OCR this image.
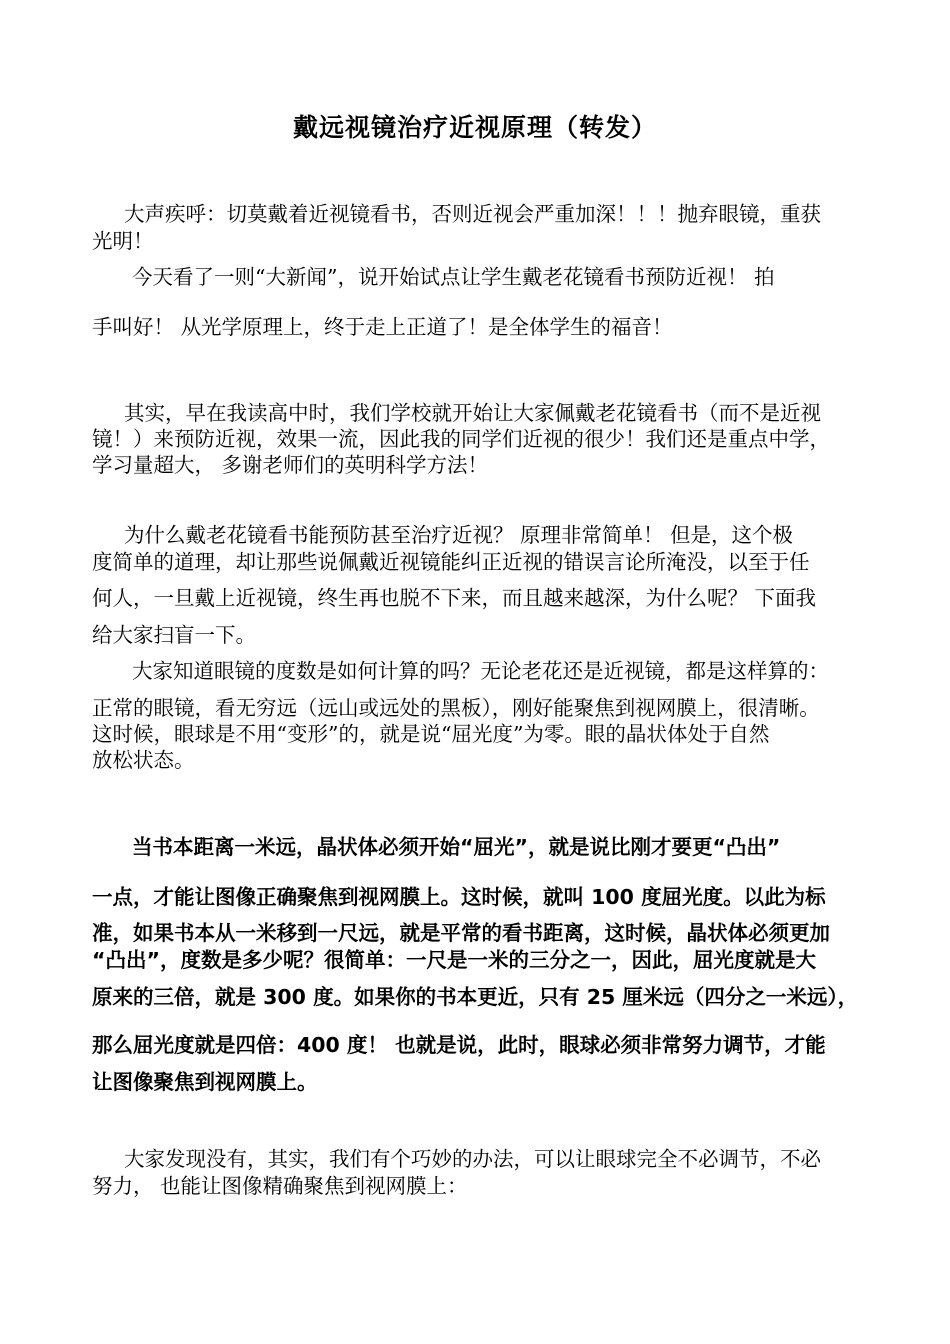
戴远视镜治疗近视原理（转发）
大声疾呼：切莫戴着近视镜看书，否则近视会严重加深！！！抛弃眼镜，重获
光明！
今天看了一则“大新闻”，说开始试点让学生戴老花镜看书预防近视！ 拍
手叫好！ 从光学原理上，终于走上正道了！是全体学生的福音！
其实，早在我读高中时，我们学校就开始让大家佩戴老花镜看书（而不是近视
镜！）来预防近视，效果一流，因此我的同学们近视的很少！我们还是重点中学，
学习量超大， 多谢老师们的英明科学方法！
为什么戴老花镜看书能预防甚至治疗近视？ 原理非常简单！ 但是，这个极
度简单的道理，却让那些说佩戴近视镜能纠正近视的错误言论所淹没，以至于任
何人，一旦戴上近视镜，终生再也脱不下来，而且越来越深，为什么呢？ 下面我
给大家扫盲一下。
大家知道眼镜的度数是如何计算的吗？无论老花还是近视镜，都是这样算的：
正常的眼镜，看无穷远（远山或远处的黑板），刚好能聚焦到视网膜上，很清晰。
这时候，眼球是不用“变形”的，就是说“屈光度”为零。眼的晶状体处于自然
放松状态。
当书本距离一米远，晶状体必须开始“屈光”，就是说比刚才要更“凸出”
一点，才能让图像正确聚焦到视网膜上。这时候，就叫 100 度屈光度。以此为标
准，如果书本从一米移到一尺远，就是平常的看书距离，这时候，晶状体必须更加
“凸出”，度数是多少呢？很简单：一尺是一米的三分之一，因此，屈光度就是大
原来的三倍，就是 300 度。如果你的书本更近，只有 25 厘米远（四分之一米远），
那么屈光度就是四倍：400 度！ 也就是说，此时，眼球必须非常努力调节，才能
让图像聚焦到视网膜上。
大家发现没有，其实，我们有个巧妙的办法，可以让眼球完全不必调节，不必
努力， 也能让图像精确聚焦到视网膜上：
